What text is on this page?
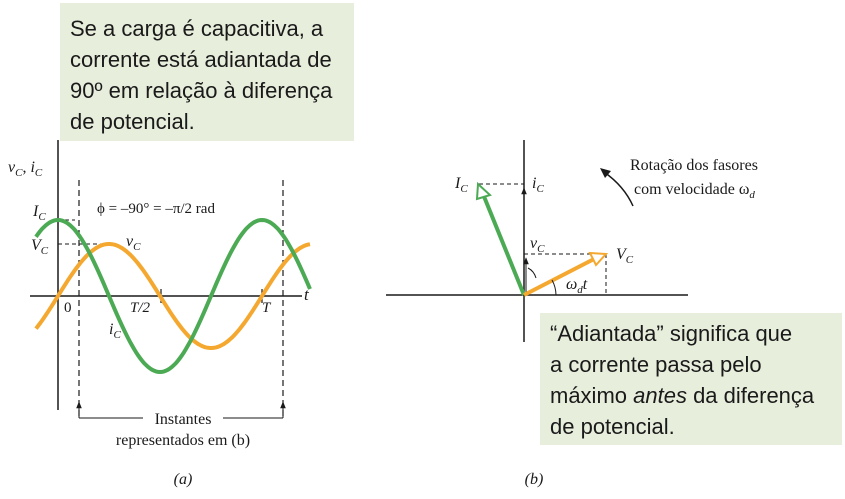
Se a carga é capacitiva, a
corrente está adiantada de
90º em relação à diferença
de potencial.
“Adiantada” significa que
a corrente passa pelo
máximo antes da diferença
de potencial.
$v_C$, $i_C$
t
$I_C$
$V_C$
0	T/2	T
ϕ = –90° = –π/2 rad
$v_C$
$i_C$
Instantes
representados em (b)
(a)
$I_C$	$i_C$
$v_C$	$V_C$
$\omega_dt$
Rotação dos fasores
com velocidade $\omega_d$
(b)
